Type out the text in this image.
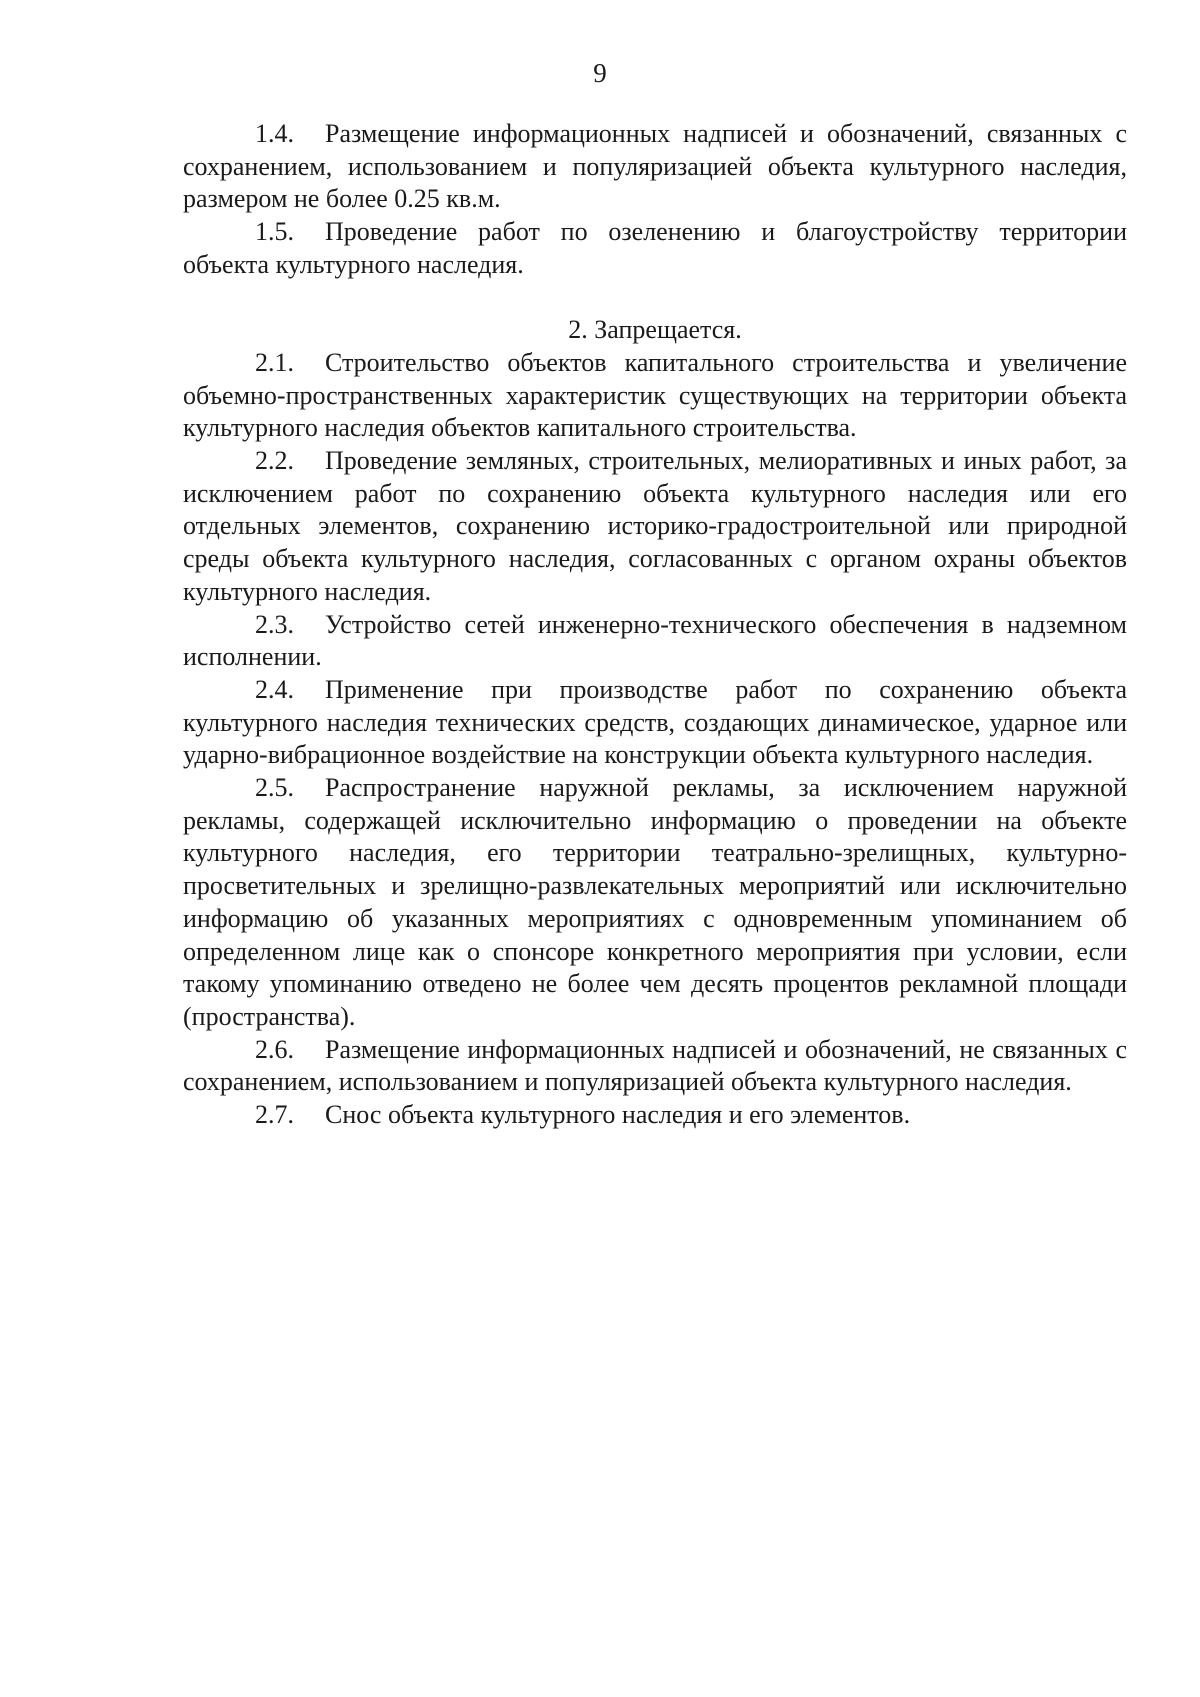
9

1.4. Размещение информационных надписей и обозначений, связанных с сохранением, использованием и популяризацией объекта культурного наследия, размером не более 0.25 кв.м.

1.5. Проведение работ по озеленению и благоустройству территории объекта культурного наследия.

2. Запрещается.

2.1. Строительство объектов капитального строительства и увеличение объемно-пространственных характеристик существующих на территории объекта культурного наследия объектов капитального строительства.

2.2. Проведение земляных, строительных, мелиоративных и иных работ, за исключением работ по сохранению объекта культурного наследия или его отдельных элементов, сохранению историко-градостроительной или природной среды объекта культурного наследия, согласованных с органом охраны объектов культурного наследия.

2.3. Устройство сетей инженерно-технического обеспечения в надземном исполнении.

2.4. Применение при производстве работ по сохранению объекта культурного наследия технических средств, создающих динамическое, ударное или ударно-вибрационное воздействие на конструкции объекта культурного наследия.

2.5. Распространение наружной рекламы, за исключением наружной рекламы, содержащей исключительно информацию о проведении на объекте культурного наследия, его территории театрально-зрелищных, культурно-просветительных и зрелищно-развлекательных мероприятий или исключительно информацию об указанных мероприятиях с одновременным упоминанием об определенном лице как о спонсоре конкретного мероприятия при условии, если такому упоминанию отведено не более чем десять процентов рекламной площади (пространства).

2.6. Размещение информационных надписей и обозначений, не связанных с сохранением, использованием и популяризацией объекта культурного наследия.

2.7. Снос объекта культурного наследия и его элементов.
